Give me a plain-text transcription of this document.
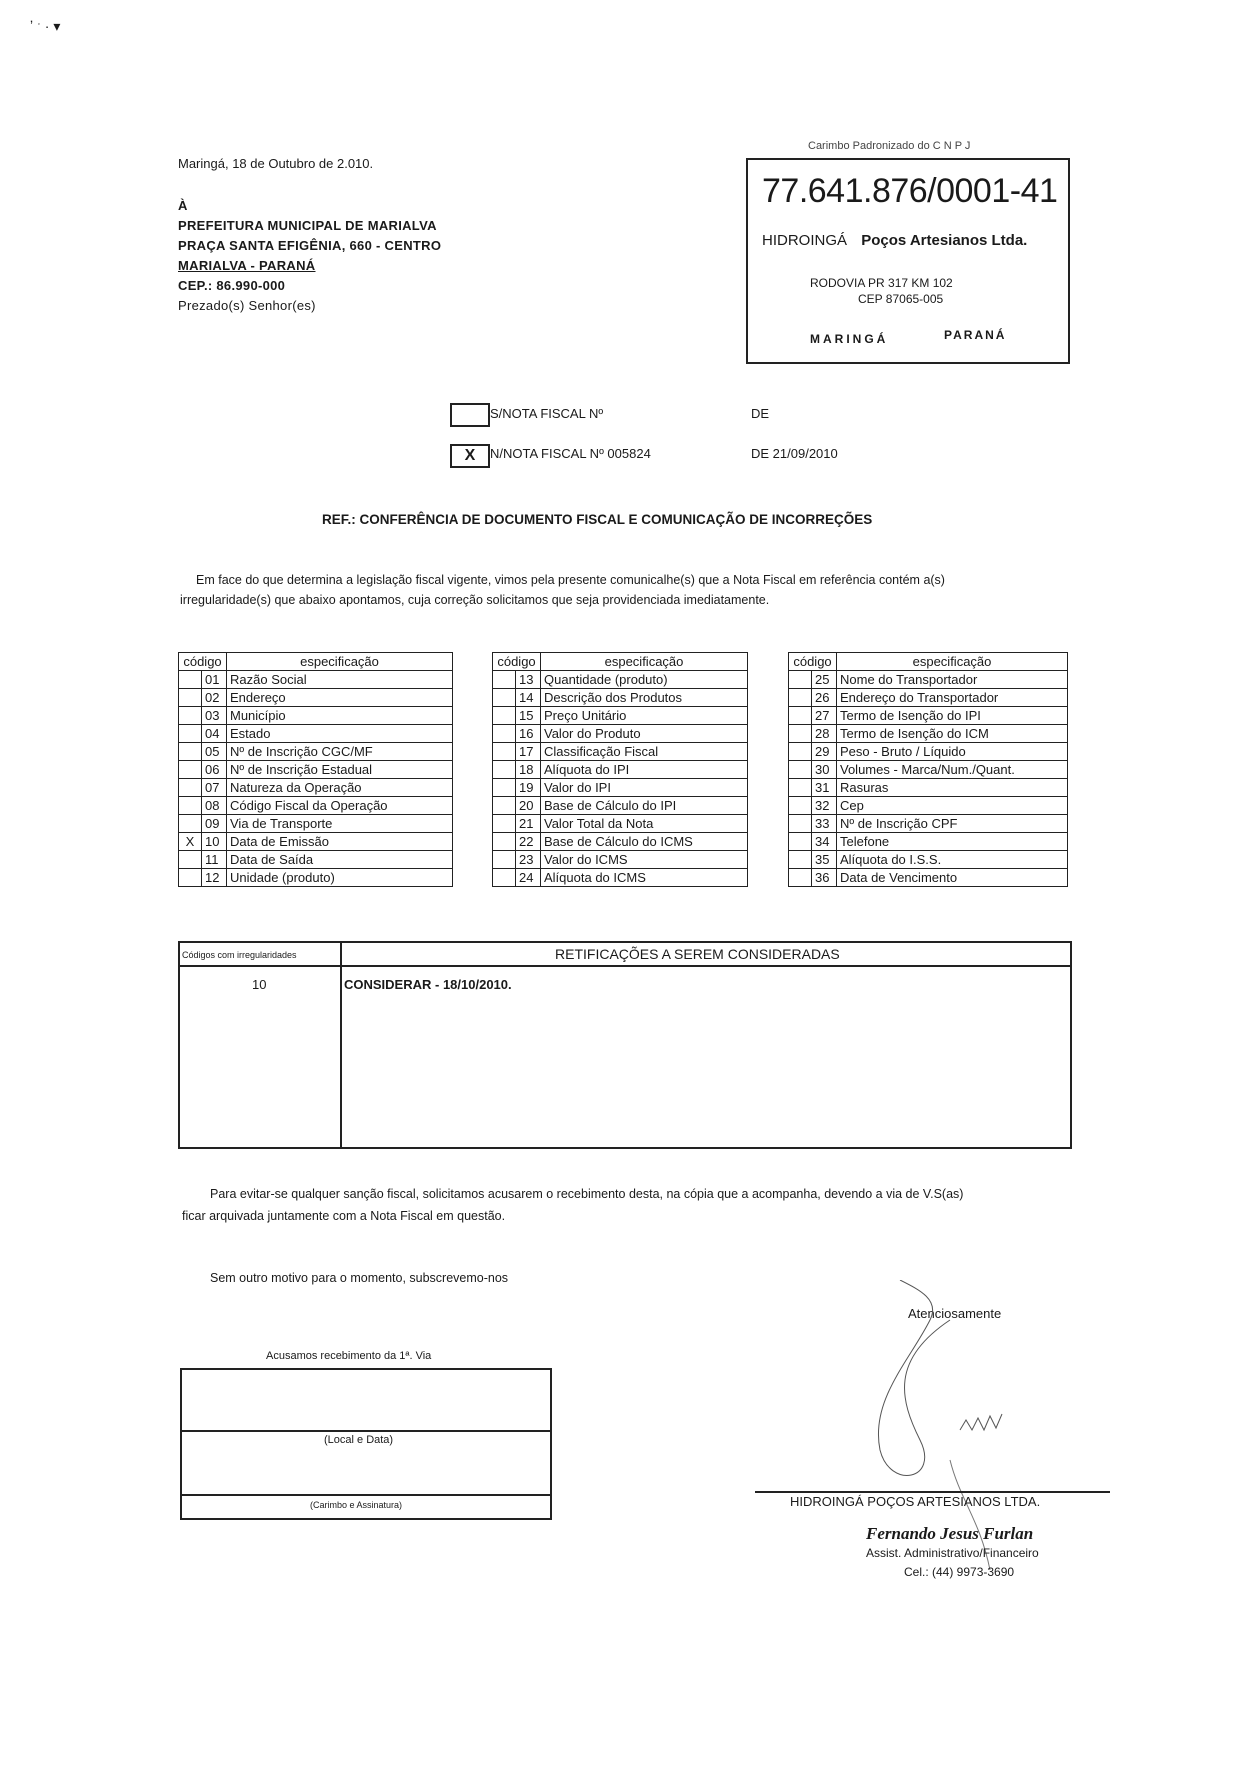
ʼ ˑ · ▾
Maringá, 18 de Outubro de 2.010.
À
PREFEITURA MUNICIPAL DE MARIALVA
PRAÇA SANTA EFIGÊNIA, 660 - CENTRO
MARIALVA - PARANÁ
CEP.: 86.990-000
Prezado(s) Senhor(es)
Carimbo Padronizado do C N P J
77.641.876/0001-41
HIDROINGÁ Poços Artesianos Ltda.
RODOVIA PR 317 KM 102
CEP 87065-005
MARINGÁ	PARANÁ
S/NOTA FISCAL Nº	DE
X	N/NOTA FISCAL Nº 005824	DE 21/09/2010
REF.: CONFERÊNCIA DE DOCUMENTO FISCAL E COMUNICAÇÃO DE INCORREÇÕES
Em face do que determina a legislação fiscal vigente, vimos pela presente comunicalhe(s) que a Nota Fiscal em referência contém a(s)
irregularidade(s) que abaixo apontamos, cuja correção solicitamos que seja providenciada imediatamente.
código		especificação
	01	Razão Social
	02	Endereço
	03	Município
	04	Estado
	05	Nº de Inscrição CGC/MF
	06	Nº de Inscrição Estadual
	07	Natureza da Operação
	08	Código Fiscal da Operação
	09	Via de Transporte
X	10	Data de Emissão
	11	Data de Saída
	12	Unidade (produto)
código		especificação
	13	Quantidade (produto)
	14	Descrição dos Produtos
	15	Preço Unitário
	16	Valor do Produto
	17	Classificação Fiscal
	18	Alíquota do IPI
	19	Valor do IPI
	20	Base de Cálculo do IPI
	21	Valor Total da Nota
	22	Base de Cálculo do ICMS
	23	Valor do ICMS
	24	Alíquota do ICMS
código		especificação
	25	Nome do Transportador
	26	Endereço do Transportador
	27	Termo de Isenção do IPI
	28	Termo de Isenção do ICM
	29	Peso - Bruto / Líquido
	30	Volumes - Marca/Num./Quant.
	31	Rasuras
	32	Cep
	33	Nº de Inscrição CPF
	34	Telefone
	35	Alíquota do I.S.S.
	36	Data de Vencimento
Códigos com irregularidades	RETIFICAÇÕES A SEREM CONSIDERADAS
10	CONSIDERAR - 18/10/2010.
Para evitar-se qualquer sanção fiscal, solicitamos acusarem o recebimento desta, na cópia que a acompanha, devendo a via de V.S(as)
ficar arquivada juntamente com a Nota Fiscal em questão.
Sem outro motivo para o momento, subscrevemo-nos
Atenciosamente
Acusamos recebimento da 1ª. Via
(Local e Data)
(Carimbo e Assinatura)	HIDROINGÁ POÇOS ARTESIANOS LTDA.
Fernando Jesus Furlan
Assist. Administrativo/Financeiro
Cel.: (44) 9973-3690
